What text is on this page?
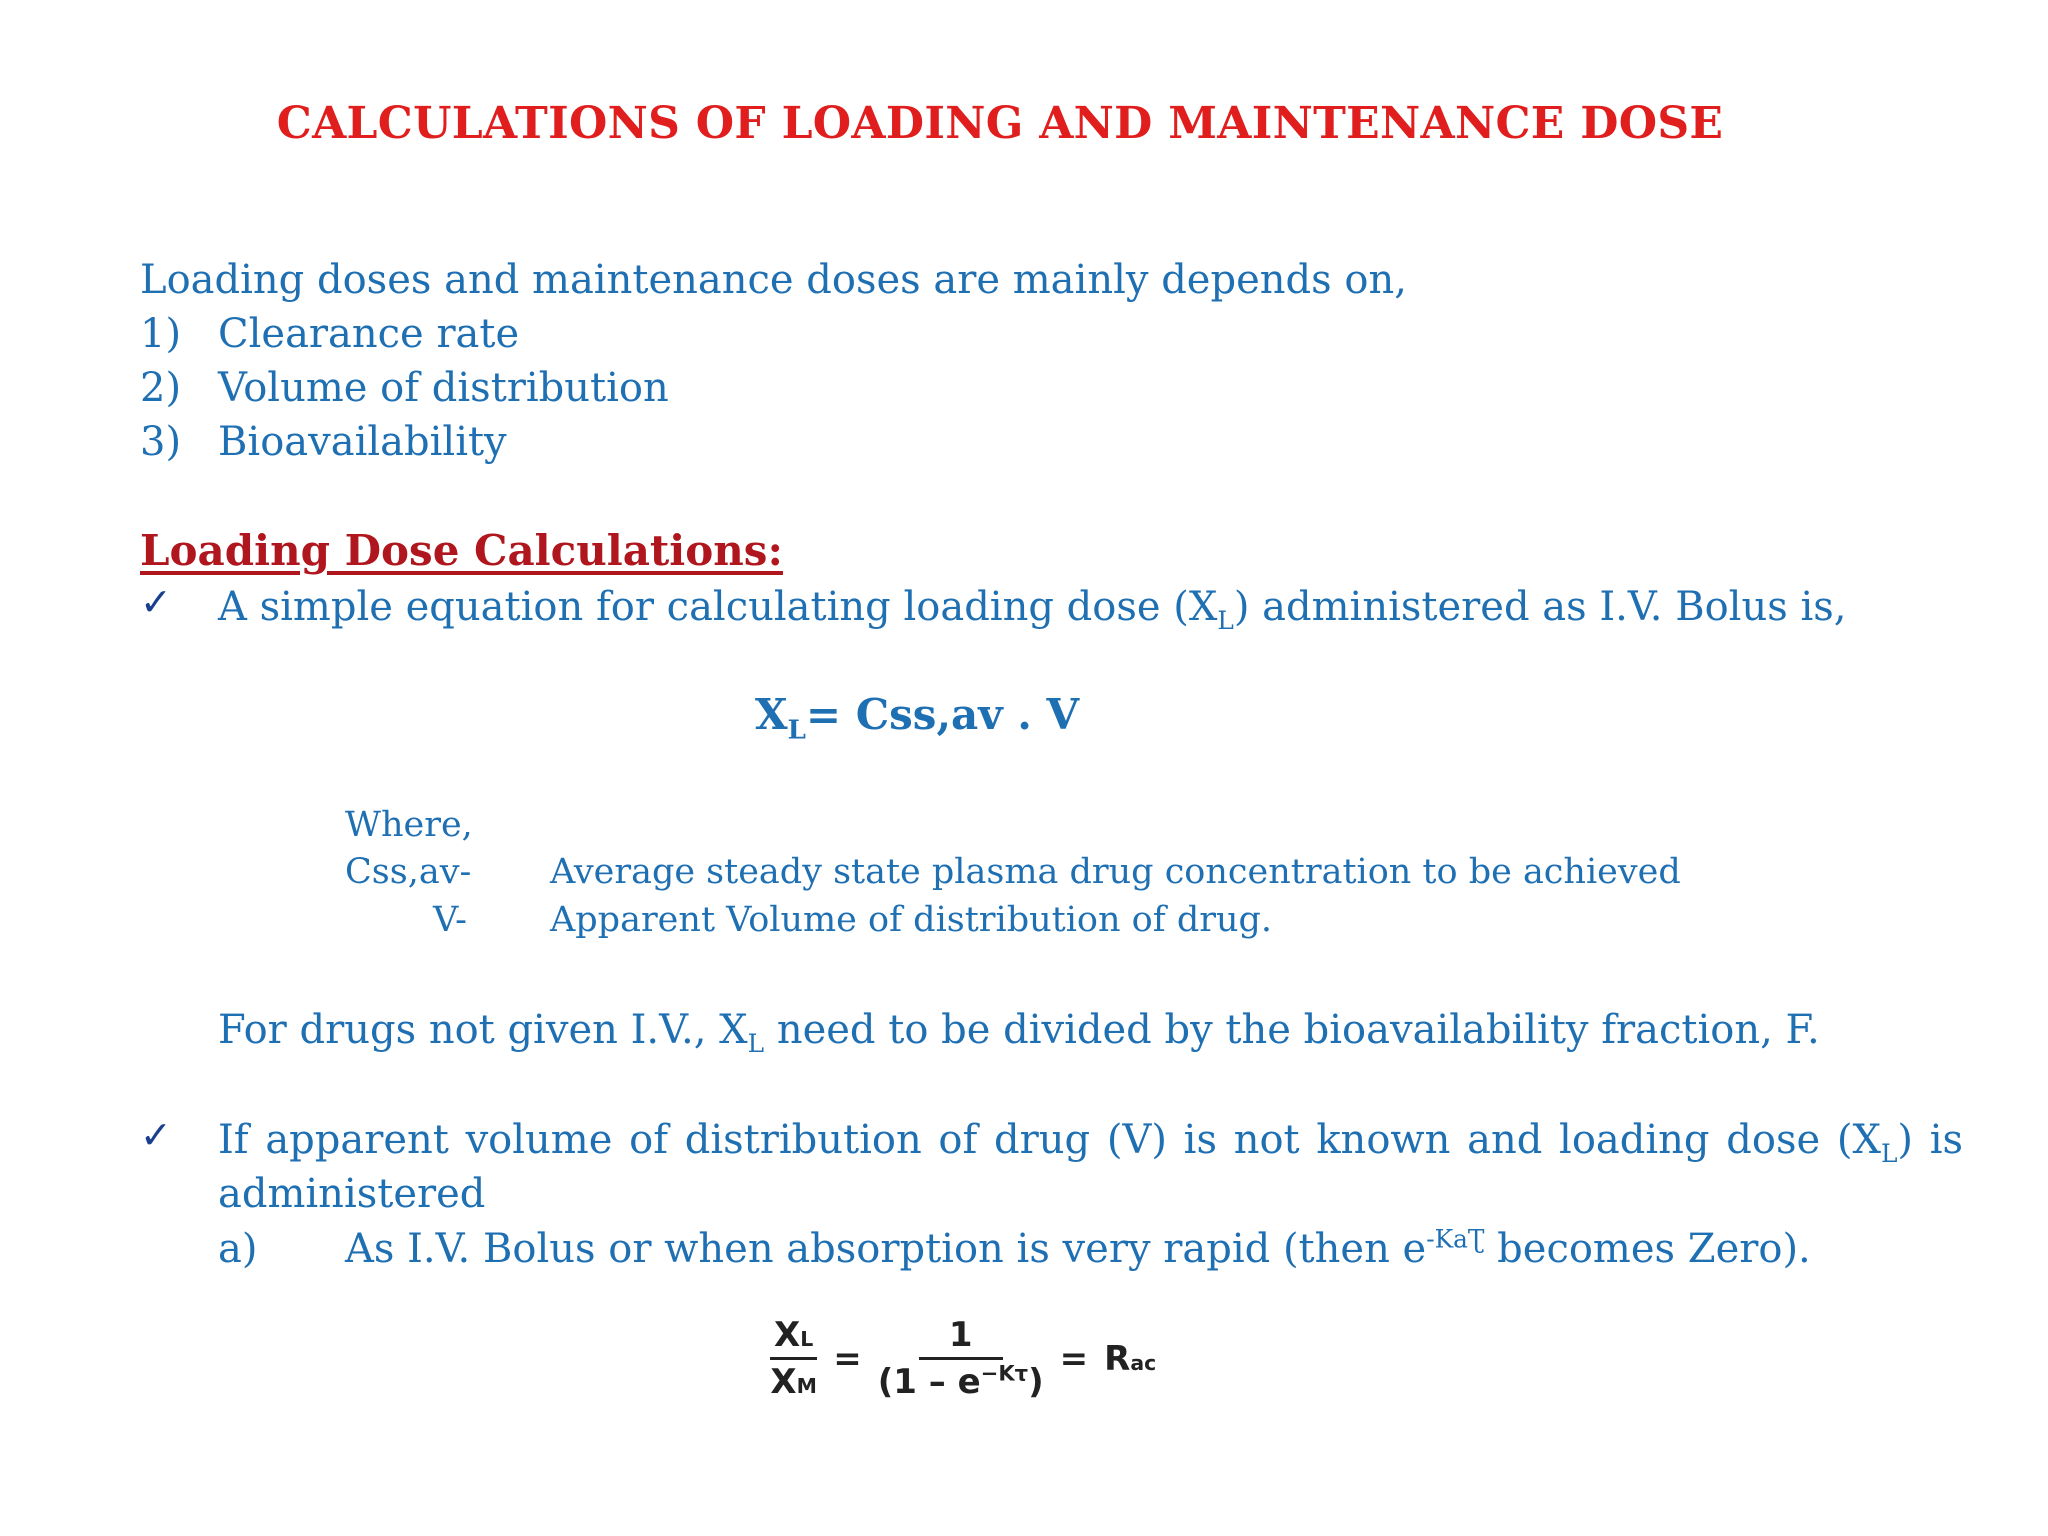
CALCULATIONS OF LOADING AND MAINTENANCE DOSE
Loading doses and maintenance doses are mainly depends on,
1) Clearance rate
2) Volume of distribution
3) Bioavailability
Loading Dose Calculations:
✓ A simple equation for calculating loading dose $(X_L)$ administered as I.V. Bolus is,
$X_L= Css,av$ . V
Where,
Css,av- Average steady state plasma drug concentration to be achieved
V- Apparent Volume of distribution of drug.
For drugs not given I.V., $X_L$ need to be divided by the bioavailability fraction, F.
✓ If apparent volume of distribution of drug (V) is not known and loading dose $(X_L)$ is
administered
a) As I.V. Bolus or when absorption is very rapid (then $e^{-KaƮ}$ becomes Zero).
$\frac{XL}{XM} = \frac{1}{(1 - e^{-K\tau})}$ = Rac
